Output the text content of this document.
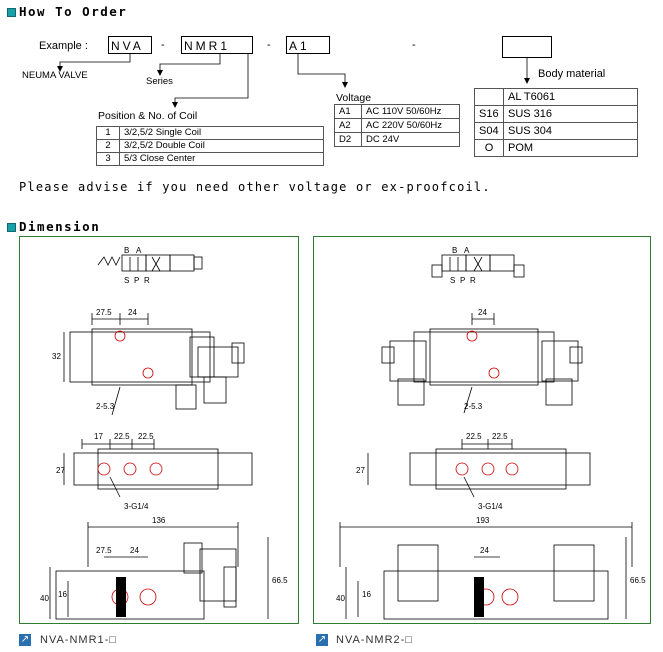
How To Order
Example : NVA	- NMR1	- A1	-
NEUMA VALVE
Series
Position & No. of Coil
1	3/2,5/2 Single Coil
2	3/2,5/2 Double Coil
3	5/3 Close Center
Voltage
A1	AC 110V 50/60Hz
A2	AC 220V 50/60Hz
D2	DC 24V
Body material
	AL T6061
S16	SUS 316
S04	SUS 304
O	POM
Please advise if you need other voltage or ex-proofcoil.
Dimension
B A
S P R
27.5 24
32
2-5.3
17 22.5 22.5
27
3-G1/4
136
27.5 24
16
40
66.5
B A
S P R
24
2-5.3
22.5 22.5
27
3-G1/4
193
24
16
40
66.5
↗ NVA-NMR1-□	↗ NVA-NMR2-□
